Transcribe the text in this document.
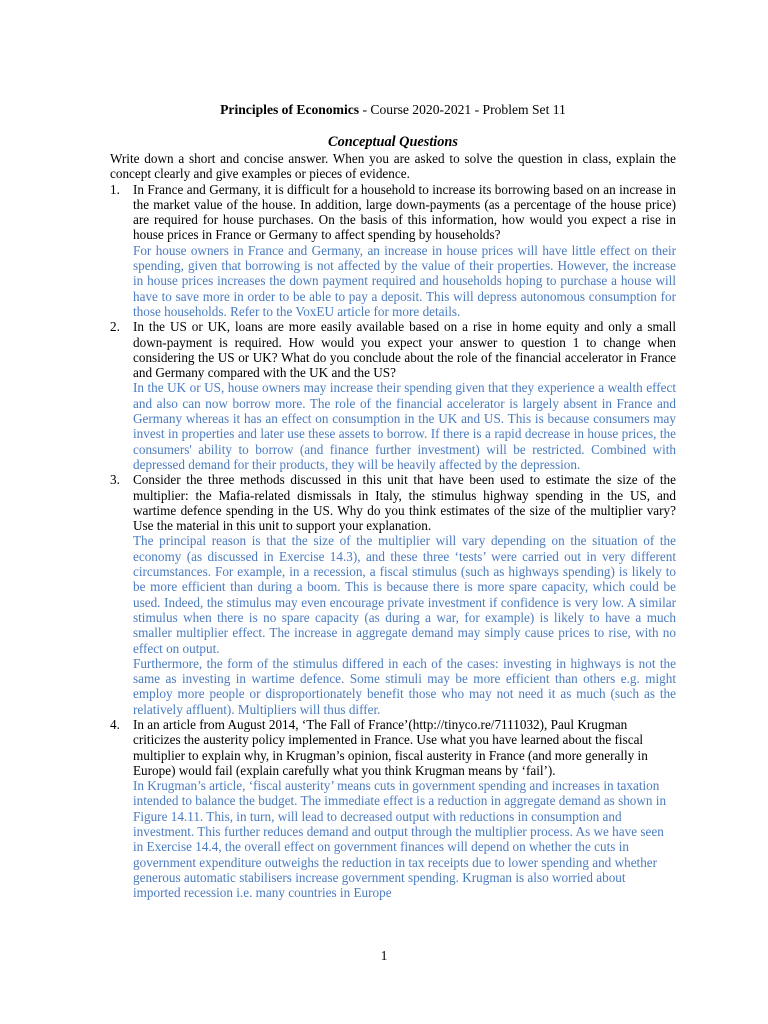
Principles of Economics - Course 2020-2021 - Problem Set 11
Conceptual Questions
Write down a short and concise answer. When you are asked to solve the question in class, explain the concept clearly and give examples or pieces of evidence.
1. In France and Germany, it is difficult for a household to increase its borrowing based on an increase in the market value of the house. In addition, large down-payments (as a percentage of the house price) are required for house purchases. On the basis of this information, how would you expect a rise in house prices in France or Germany to affect spending by households?
For house owners in France and Germany, an increase in house prices will have little effect on their spending, given that borrowing is not affected by the value of their properties. However, the increase in house prices increases the down payment required and households hoping to purchase a house will have to save more in order to be able to pay a deposit. This will depress autonomous consumption for those households. Refer to the VoxEU article for more details.
2. In the US or UK, loans are more easily available based on a rise in home equity and only a small down-payment is required. How would you expect your answer to question 1 to change when considering the US or UK? What do you conclude about the role of the financial accelerator in France and Germany compared with the UK and the US?
In the UK or US, house owners may increase their spending given that they experience a wealth effect and also can now borrow more. The role of the financial accelerator is largely absent in France and Germany whereas it has an effect on consumption in the UK and US. This is because consumers may invest in properties and later use these assets to borrow. If there is a rapid decrease in house prices, the consumers' ability to borrow (and finance further investment) will be restricted. Combined with depressed demand for their products, they will be heavily affected by the depression.
3. Consider the three methods discussed in this unit that have been used to estimate the size of the multiplier: the Mafia-related dismissals in Italy, the stimulus highway spending in the US, and wartime defence spending in the US. Why do you think estimates of the size of the multiplier vary? Use the material in this unit to support your explanation.
The principal reason is that the size of the multiplier will vary depending on the situation of the economy (as discussed in Exercise 14.3), and these three ‘tests’ were carried out in very different circumstances. For example, in a recession, a fiscal stimulus (such as highways spending) is likely to be more efficient than during a boom. This is because there is more spare capacity, which could be used. Indeed, the stimulus may even encourage private investment if confidence is very low. A similar stimulus when there is no spare capacity (as during a war, for example) is likely to have a much smaller multiplier effect. The increase in aggregate demand may simply cause prices to rise, with no effect on output.
Furthermore, the form of the stimulus differed in each of the cases: investing in highways is not the same as investing in wartime defence. Some stimuli may be more efficient than others e.g. might employ more people or disproportionately benefit those who may not need it as much (such as the relatively affluent). Multipliers will thus differ.
4. In an article from August 2014, ‘The Fall of France’(http://tinyco.re/7111032), Paul Krugman criticizes the austerity policy implemented in France. Use what you have learned about the fiscal multiplier to explain why, in Krugman’s opinion, fiscal austerity in France (and more generally in Europe) would fail (explain carefully what you think Krugman means by ‘fail’).
In Krugman’s article, ‘fiscal austerity’ means cuts in government spending and increases in taxation intended to balance the budget. The immediate effect is a reduction in aggregate demand as shown in Figure 14.11. This, in turn, will lead to decreased output with reductions in consumption and investment. This further reduces demand and output through the multiplier process. As we have seen in Exercise 14.4, the overall effect on government finances will depend on whether the cuts in government expenditure outweighs the reduction in tax receipts due to lower spending and whether generous automatic stabilisers increase government spending. Krugman is also worried about imported recession i.e. many countries in Europe
1
